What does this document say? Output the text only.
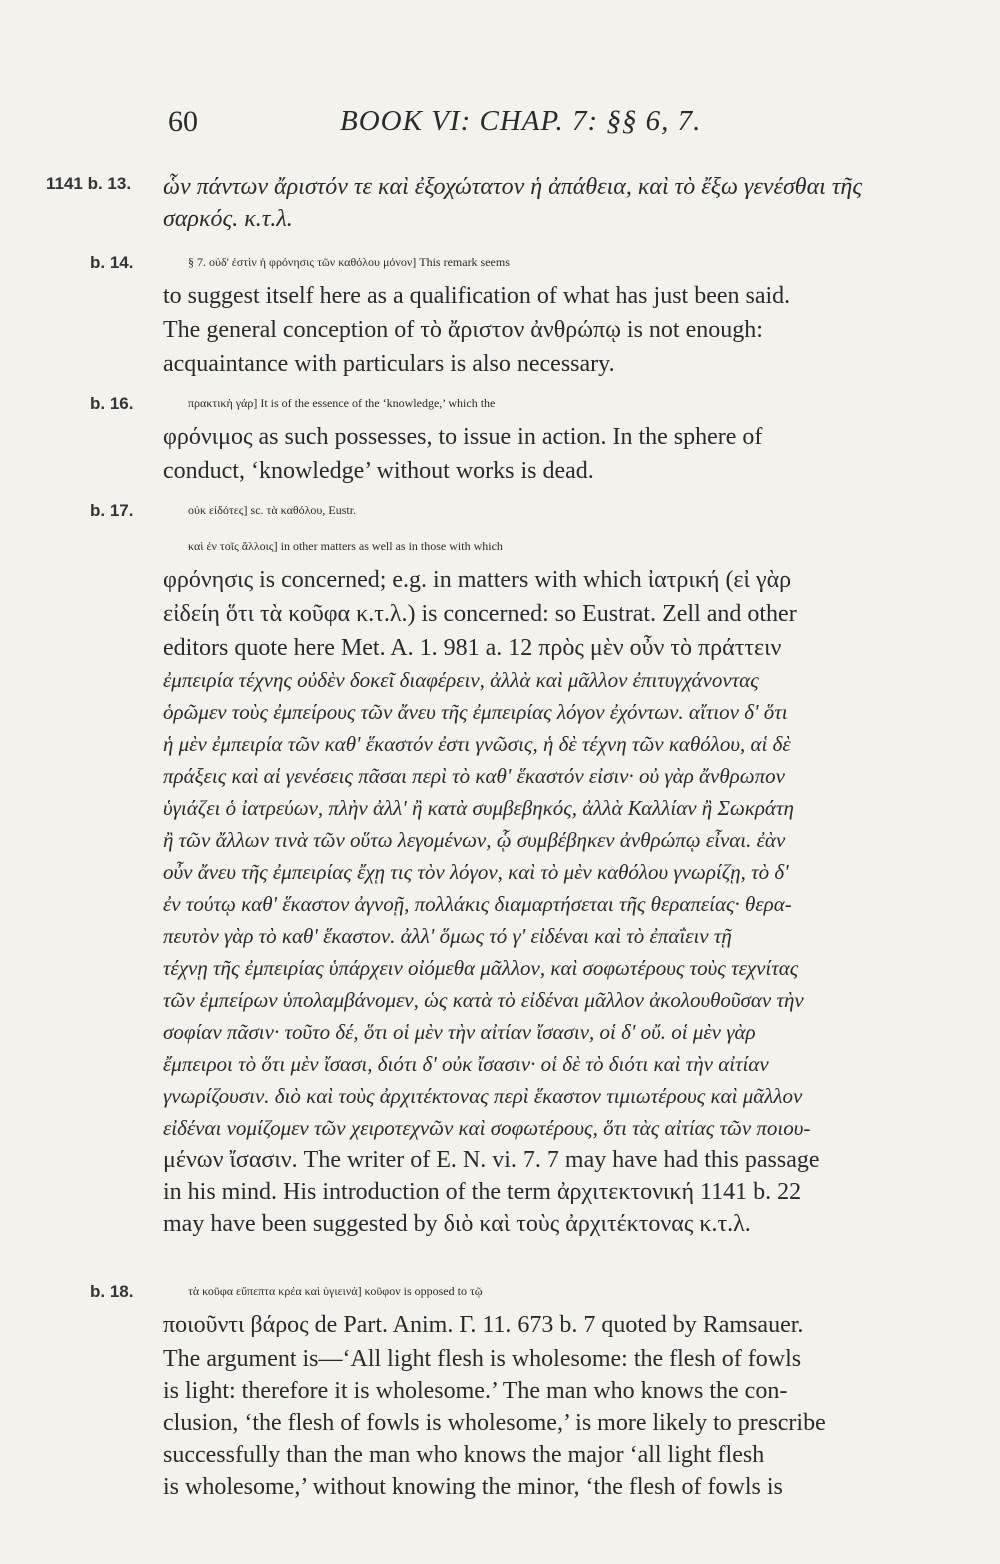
60	BOOK VI: CHAP. 7: §§ 6, 7.
1141 b. 13. ὧν πάντων ἄριστόν τε καὶ ἐξοχώτατον ἡ ἀπάθεια, καὶ τὸ ἔξω γενέσθαι τῆς
σαρκός. κ.τ.λ.
b. 14.	§ 7. οὐδ' ἐστὶν ἡ φρόνησις τῶν καθόλου μόνον] This remark seems
to suggest itself here as a qualification of what has just been said.
The general conception of τὸ ἄριστον ἀνθρώπῳ is not enough:
acquaintance with particulars is also necessary.
b. 16.	πρακτικὴ γάρ] It is of the essence of the ‘knowledge,’ which the
φρόνιμος as such possesses, to issue in action. In the sphere of
conduct, ‘knowledge’ without works is dead.
b. 17.	οὐκ εἰδότες] sc. τὰ καθόλου, Eustr.
καὶ ἐν τοῖς ἄλλοις] in other matters as well as in those with which
φρόνησις is concerned; e.g. in matters with which ἰατρική (εἰ γὰρ
εἰδείη ὅτι τὰ κοῦφα κ.τ.λ.) is concerned: so Eustrat. Zell and other
editors quote here Met. A. 1. 981 a. 12 πρὸς μὲν οὖν τὸ πράττειν
ἐμπειρία τέχνης οὐδὲν δοκεῖ διαφέρειν, ἀλλὰ καὶ μᾶλλον ἐπιτυγχάνοντας
ὁρῶμεν τοὺς ἐμπείρους τῶν ἄνευ τῆς ἐμπειρίας λόγον ἐχόντων. αἴτιον δ' ὅτι
ἡ μὲν ἐμπειρία τῶν καθ' ἕκαστόν ἐστι γνῶσις, ἡ δὲ τέχνη τῶν καθόλου, αἱ δὲ
πράξεις καὶ αἱ γενέσεις πᾶσαι περὶ τὸ καθ' ἕκαστόν εἰσιν· οὐ γὰρ ἄνθρωπον
ὑγιάζει ὁ ἰατρεύων, πλὴν ἀλλ' ἢ κατὰ συμβεβηκός, ἀλλὰ Καλλίαν ἢ Σωκράτη
ἢ τῶν ἄλλων τινὰ τῶν οὕτω λεγομένων, ᾧ συμβέβηκεν ἀνθρώπῳ εἶναι. ἐὰν
οὖν ἄνευ τῆς ἐμπειρίας ἔχῃ τις τὸν λόγον, καὶ τὸ μὲν καθόλου γνωρίζῃ, τὸ δ'
ἐν τούτῳ καθ' ἕκαστον ἀγνοῇ, πολλάκις διαμαρτήσεται τῆς θεραπείας· θερα-
πευτὸν γὰρ τὸ καθ' ἕκαστον. ἀλλ' ὅμως τό γ' εἰδέναι καὶ τὸ ἐπαΐειν τῇ
τέχνῃ τῆς ἐμπειρίας ὑπάρχειν οἰόμεθα μᾶλλον, καὶ σοφωτέρους τοὺς τεχνίτας
τῶν ἐμπείρων ὑπολαμβάνομεν, ὡς κατὰ τὸ εἰδέναι μᾶλλον ἀκολουθοῦσαν τὴν
σοφίαν πᾶσιν· τοῦτο δέ, ὅτι οἱ μὲν τὴν αἰτίαν ἴσασιν, οἱ δ' οὔ. οἱ μὲν γὰρ
ἔμπειροι τὸ ὅτι μὲν ἴσασι, διότι δ' οὐκ ἴσασιν· οἱ δὲ τὸ διότι καὶ τὴν αἰτίαν
γνωρίζουσιν. διὸ καὶ τοὺς ἀρχιτέκτονας περὶ ἕκαστον τιμιωτέρους καὶ μᾶλλον
εἰδέναι νομίζομεν τῶν χειροτεχνῶν καὶ σοφωτέρους, ὅτι τὰς αἰτίας τῶν ποιου-
μένων ἴσασιν. The writer of E. N. vi. 7. 7 may have had this passage
in his mind. His introduction of the term ἀρχιτεκτονική 1141 b. 22
may have been suggested by διὸ καὶ τοὺς ἀρχιτέκτονας κ.τ.λ.
b. 18.	τὰ κοῦφα εὔπεπτα κρέα καὶ ὑγιεινά] κοῦφον is opposed to τῷ
ποιοῦντι βάρος de Part. Anim. Γ. 11. 673 b. 7 quoted by Ramsauer.
The argument is—‘All light flesh is wholesome: the flesh of fowls
is light: therefore it is wholesome.’ The man who knows the con-
clusion, ‘the flesh of fowls is wholesome,’ is more likely to prescribe
successfully than the man who knows the major ‘all light flesh
is wholesome,’ without knowing the minor, ‘the flesh of fowls is
